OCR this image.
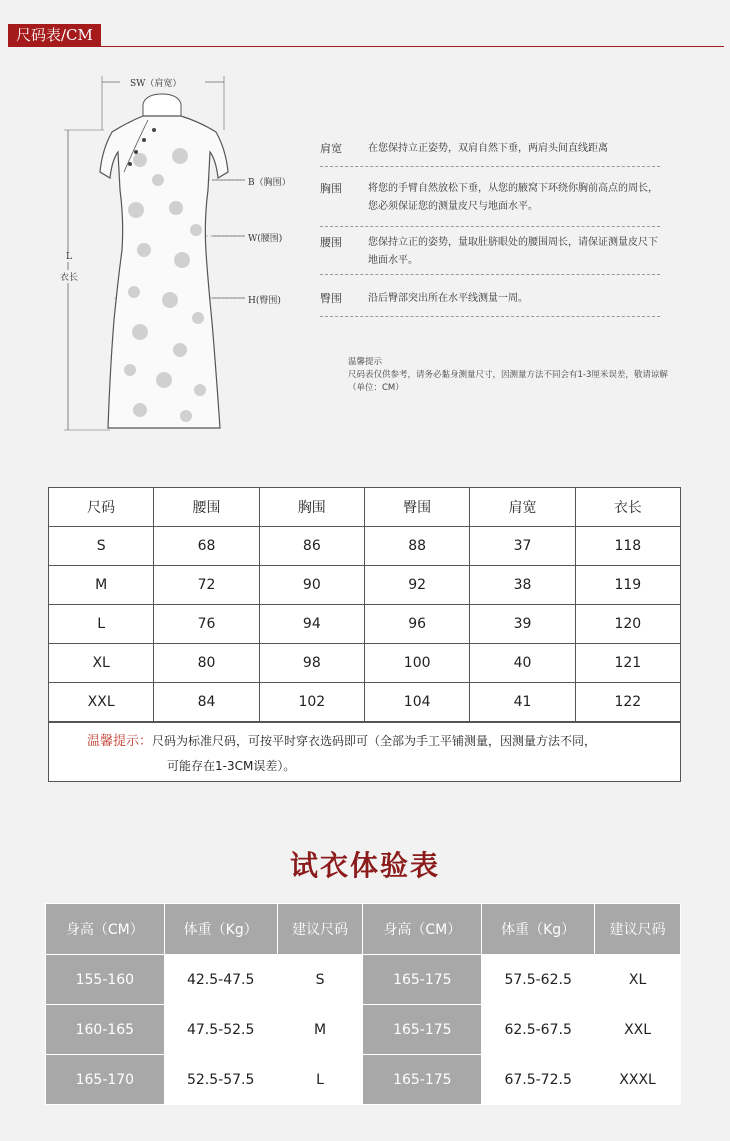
尺码表/CM
SW（肩宽）
B（胸围）
W(腰围)
H(臀围)
L
衣长
肩宽	在您保持立正姿势，双肩自然下垂，两肩头间直线距离
胸围	将您的手臂自然放松下垂，从您的腋窝下环绕你胸前高点的周长，您必须保证您的测量皮尺与地面水平。
腰围	您保持立正的姿势，量取肚脐眼处的腰围周长，请保证测量皮尺下地面水平。
臀围	沿后臀部突出所在水平线测量一周。
温馨提示
尺码表仅供参考，请务必黏身测量尺寸，因测量方法不同会有1-3厘米误差，敬请谅解（单位：CM）
尺码	腰围	胸围	臀围	肩宽	衣长
S	68	86	88	37	118
M	72	90	92	38	119
L	76	94	96	39	120
XL	80	98	100	40	121
XXL	84	102	104	41	122
温馨提示：尺码为标准尺码，可按平时穿衣选码即可（全部为手工平铺测量，因测量方法不同，
可能存在1-3CM误差）。
试衣体验表
身高（CM）	体重（Kg）	建议尺码	身高（CM）	体重（Kg）	建议尺码
155-160	42.5-47.5	S	165-175	57.5-62.5	XL
160-165	47.5-52.5	M	165-175	62.5-67.5	XXL
165-170	52.5-57.5	L	165-175	67.5-72.5	XXXL
